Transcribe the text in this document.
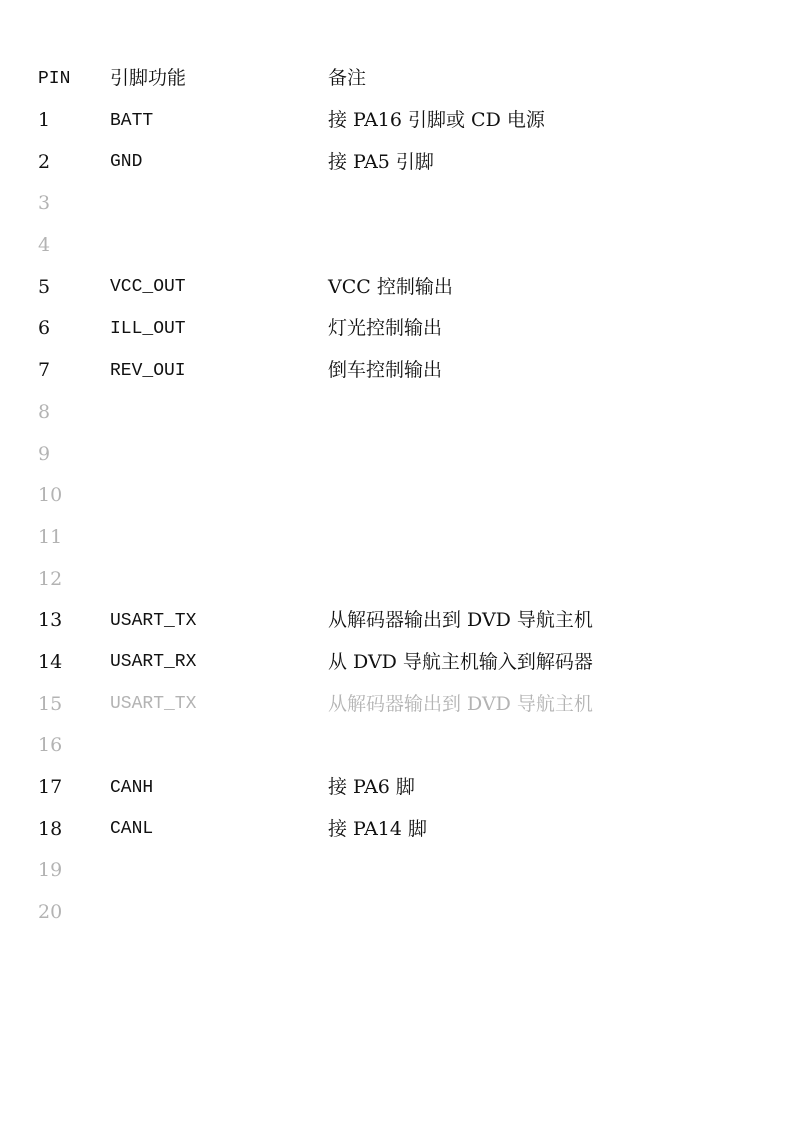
PIN	引脚功能	备注
1	BATT	接 PA16 引脚或 CD 电源
2	GND	接 PA5 引脚
3
4
5	VCC_OUT	VCC 控制输出
6	ILL_OUT	灯光控制输出
7	REV_OUI	倒车控制输出
8
9
10
11
12
13	USART_TX	从解码器输出到 DVD 导航主机
14	USART_RX	从 DVD 导航主机输入到解码器
15	USART_TX	从解码器输出到 DVD 导航主机
16
17	CANH	接 PA6 脚
18	CANL	接 PA14 脚
19
20
